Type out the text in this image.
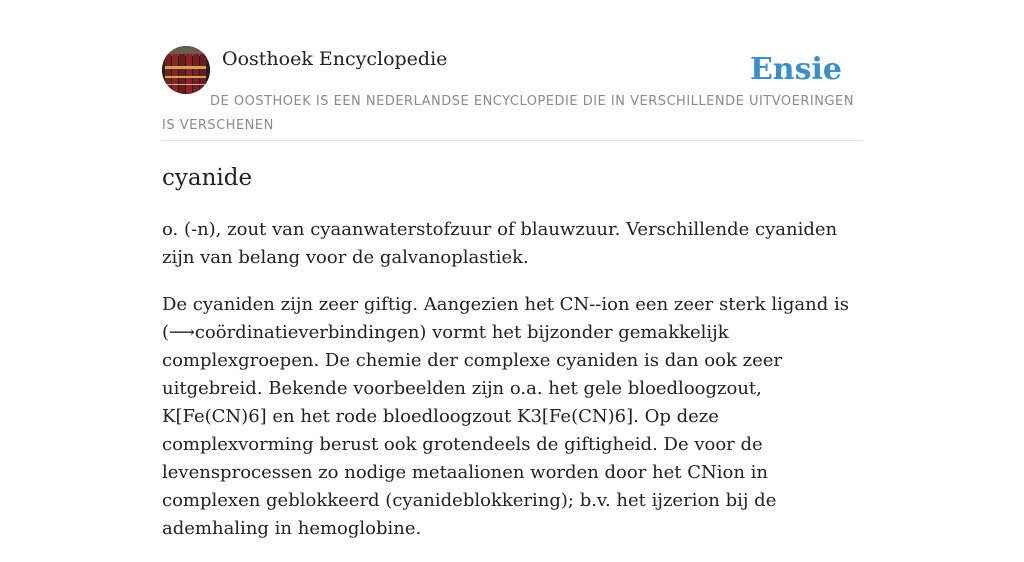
Oosthoek Encyclopedie	Ensie
DE OOSTHOEK IS EEN NEDERLANDSE ENCYCLOPEDIE DIE IN VERSCHILLENDE UITVOERINGEN IS VERSCHENEN
cyanide

o. (-n), zout van cyaanwaterstofzuur of blauwzuur. Verschillende cyaniden zijn van belang voor de galvanoplastiek.

De cyaniden zijn zeer giftig. Aangezien het CN--ion een zeer sterk ligand is (⟶coördinatieverbindingen) vormt het bijzonder gemakkelijk complexgroepen. De chemie der complexe cyaniden is dan ook zeer uitgebreid. Bekende voorbeelden zijn o.a. het gele bloedloogzout, K[Fe(CN)6] en het rode bloedloogzout K3[Fe(CN)6]. Op deze complexvorming berust ook grotendeels de giftigheid. De voor de levensprocessen zo nodige metaalionen worden door het CNion in complexen geblokkeerd (cyanideblokkering); b.v. het ijzerion bij de ademhaling in hemoglobine.
